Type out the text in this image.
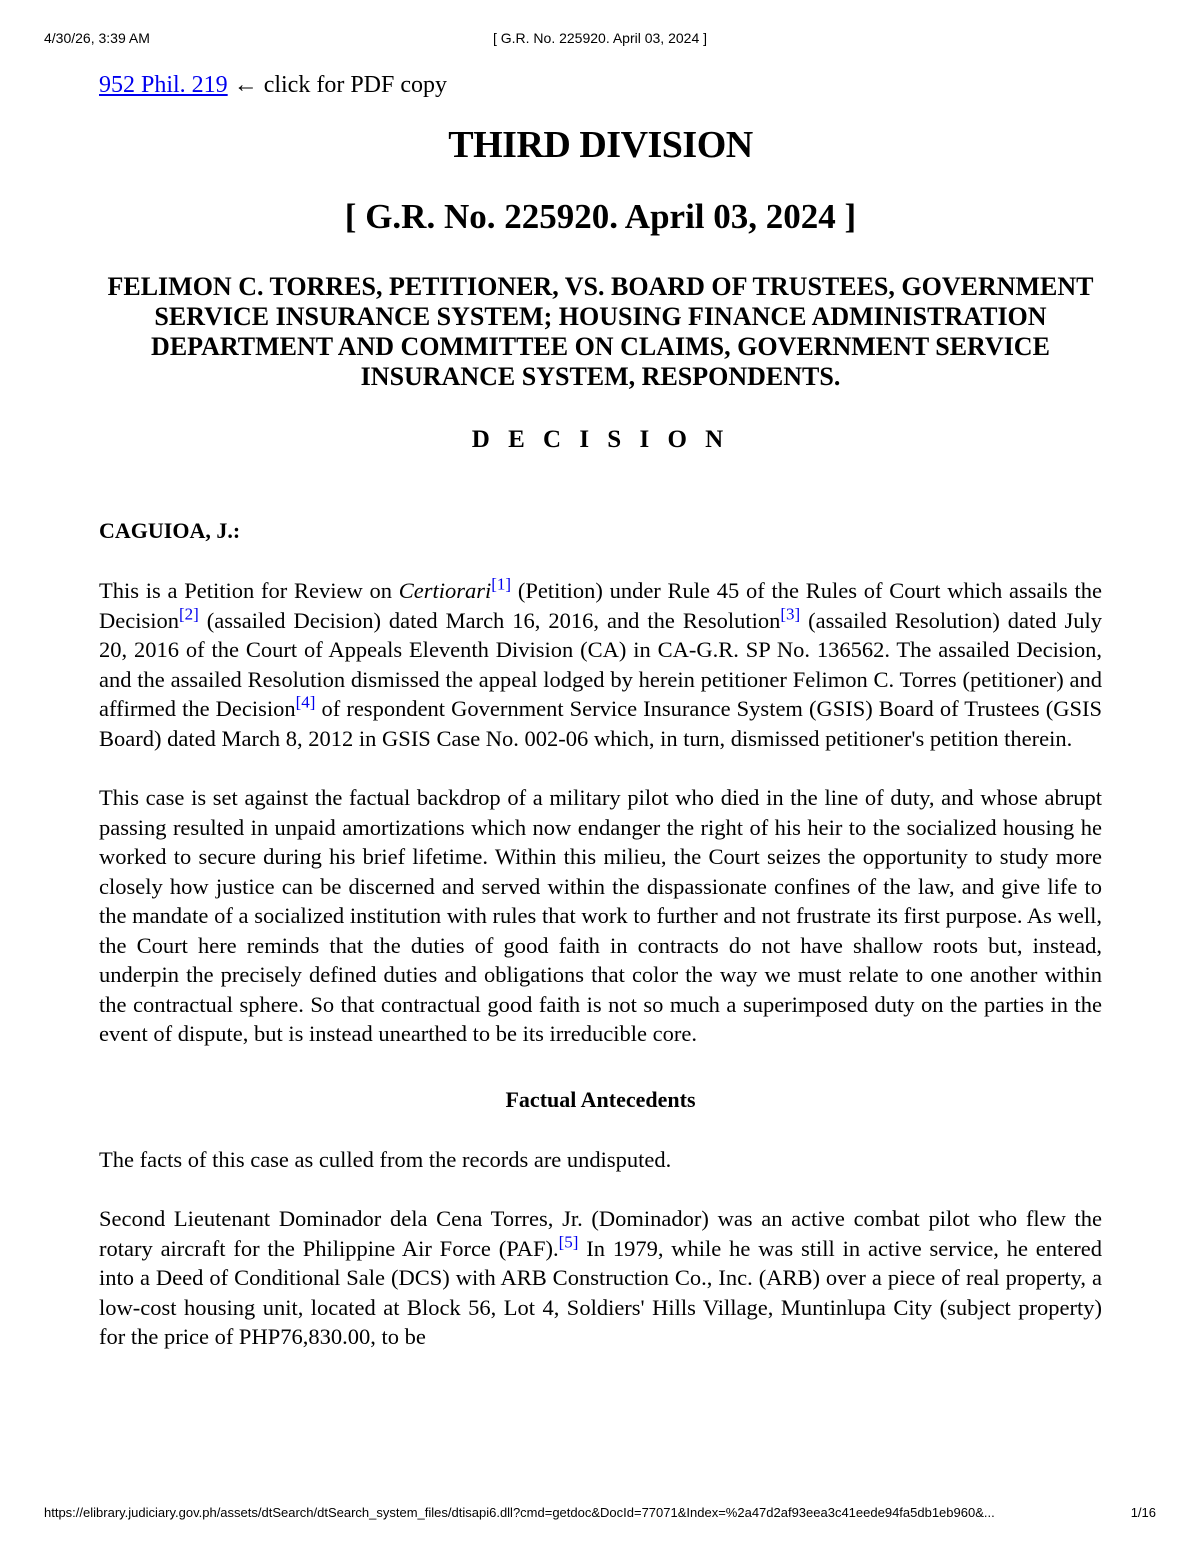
4/30/26, 3:39 AM	[ G.R. No. 225920. April 03, 2024 ]
952 Phil. 219 ← click for PDF copy
THIRD DIVISION
[ G.R. No. 225920. April 03, 2024 ]
FELIMON C. TORRES, PETITIONER, VS. BOARD OF TRUSTEES, GOVERNMENT SERVICE INSURANCE SYSTEM; HOUSING FINANCE ADMINISTRATION DEPARTMENT AND COMMITTEE ON CLAIMS, GOVERNMENT SERVICE INSURANCE SYSTEM, RESPONDENTS.
D E C I S I O N
CAGUIOA, J.:

This is a Petition for Review on Certiorari[1] (Petition) under Rule 45 of the Rules of Court which assails the Decision[2] (assailed Decision) dated March 16, 2016, and the Resolution[3] (assailed Resolution) dated July 20, 2016 of the Court of Appeals Eleventh Division (CA) in CA-G.R. SP No. 136562. The assailed Decision, and the assailed Resolution dismissed the appeal lodged by herein petitioner Felimon C. Torres (petitioner) and affirmed the Decision[4] of respondent Government Service Insurance System (GSIS) Board of Trustees (GSIS Board) dated March 8, 2012 in GSIS Case No. 002-06 which, in turn, dismissed petitioner's petition therein.

This case is set against the factual backdrop of a military pilot who died in the line of duty, and whose abrupt passing resulted in unpaid amortizations which now endanger the right of his heir to the socialized housing he worked to secure during his brief lifetime. Within this milieu, the Court seizes the opportunity to study more closely how justice can be discerned and served within the dispassionate confines of the law, and give life to the mandate of a socialized institution with rules that work to further and not frustrate its first purpose. As well, the Court here reminds that the duties of good faith in contracts do not have shallow roots but, instead, underpin the precisely defined duties and obligations that color the way we must relate to one another within the contractual sphere. So that contractual good faith is not so much a superimposed duty on the parties in the event of dispute, but is instead unearthed to be its irreducible core.

Factual Antecedents

The facts of this case as culled from the records are undisputed.

Second Lieutenant Dominador dela Cena Torres, Jr. (Dominador) was an active combat pilot who flew the rotary aircraft for the Philippine Air Force (PAF).[5] In 1979, while he was still in active service, he entered into a Deed of Conditional Sale (DCS) with ARB Construction Co., Inc. (ARB) over a piece of real property, a low-cost housing unit, located at Block 56, Lot 4, Soldiers' Hills Village, Muntinlupa City (subject property) for the price of PHP76,830.00, to be

https://elibrary.judiciary.gov.ph/assets/dtSearch/dtSearch_system_files/dtisapi6.dll?cmd=getdoc&DocId=77071&Index=%2a47d2af93eea3c41eede94fa5db1eb960&...	1/16
